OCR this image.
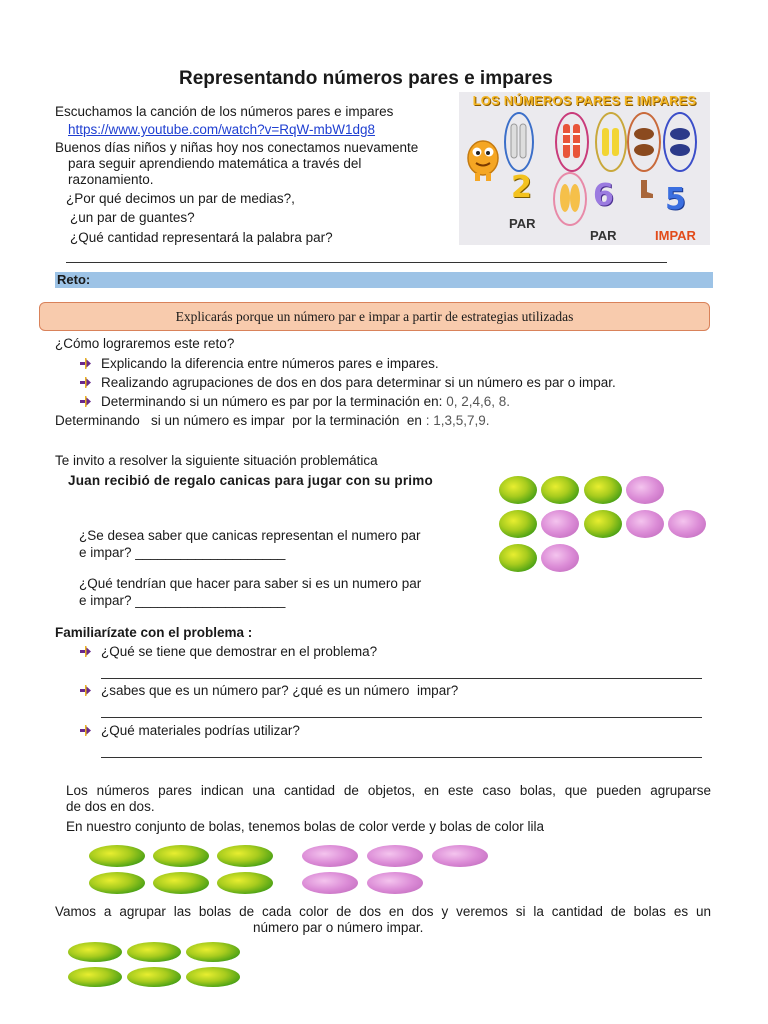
Representando números pares e impares
Escuchamos la canción de los números pares e impares
https://www.youtube.com/watch?v=RqW-mbW1dg8
Buenos días niños y niñas hoy nos conectamos nuevamente
para seguir aprendiendo matemática a través del
razonamiento.
¿Por qué decimos un par de medias?,
¿un par de guantes?
¿Qué cantidad representará la palabra par?
LOS NÚMEROS PARES E IMPARES
2 6 5
PAR
PAR	IMPAR
Reto:
Explicarás porque un número par e impar a partir de estrategias utilizadas
¿Cómo lograremos este reto?
Explicando la diferencia entre números pares e impares.
Realizando agrupaciones de dos en dos para determinar si un número es par o impar.
Determinando si un número es par por la terminación en: 0, 2,4,6, 8.
Determinando   si un número es impar  por la terminación  en : 1,3,5,7,9.
Te invito a resolver la siguiente situación problemática
Juan recibió de regalo canicas para jugar con su primo
¿Se desea saber que canicas representan el numero par
e impar? ____________________
¿Qué tendrían que hacer para saber si es un numero par
e impar? ____________________
Familiarízate con el problema :
¿Qué se tiene que demostrar en el problema?
¿sabes que es un número par? ¿qué es un número  impar?
¿Qué materiales podrías utilizar?
Los números pares indican una cantidad de objetos, en este caso bolas, que pueden agruparse
de dos en dos.
En nuestro conjunto de bolas, tenemos bolas de color verde y bolas de color lila
Vamos a agrupar las bolas de cada color de dos en dos y veremos si la cantidad de bolas es un
número par o número impar.
